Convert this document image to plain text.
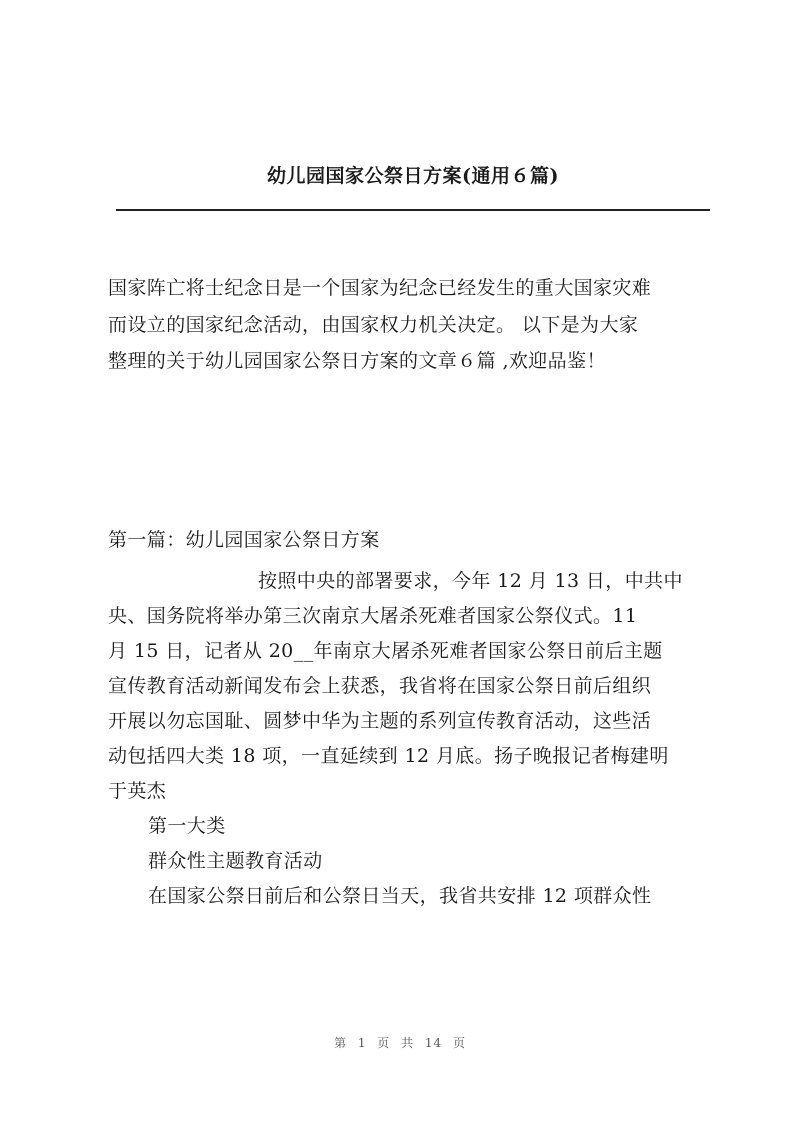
幼儿园国家公祭日方案(通用６篇)
国家阵亡将士纪念日是一个国家为纪念已经发生的重大国家灾难
而设立的国家纪念活动，由国家权力机关决定。 以下是为大家
整理的关于幼儿园国家公祭日方案的文章６篇 ,欢迎品鉴！
第一篇：幼儿园国家公祭日方案
按照中央的部署要求，今年 12 月 13 日，中共中
央、国务院将举办第三次南京大屠杀死难者国家公祭仪式。11
月 15 日，记者从 20__年南京大屠杀死难者国家公祭日前后主题
宣传教育活动新闻发布会上获悉，我省将在国家公祭日前后组织
开展以勿忘国耻、圆梦中华为主题的系列宣传教育活动，这些活
动包括四大类 18 项，一直延续到 12 月底。扬子晚报记者梅建明
于英杰
第一大类
群众性主题教育活动
在国家公祭日前后和公祭日当天，我省共安排 12 项群众性
第 1 页 共 14 页
